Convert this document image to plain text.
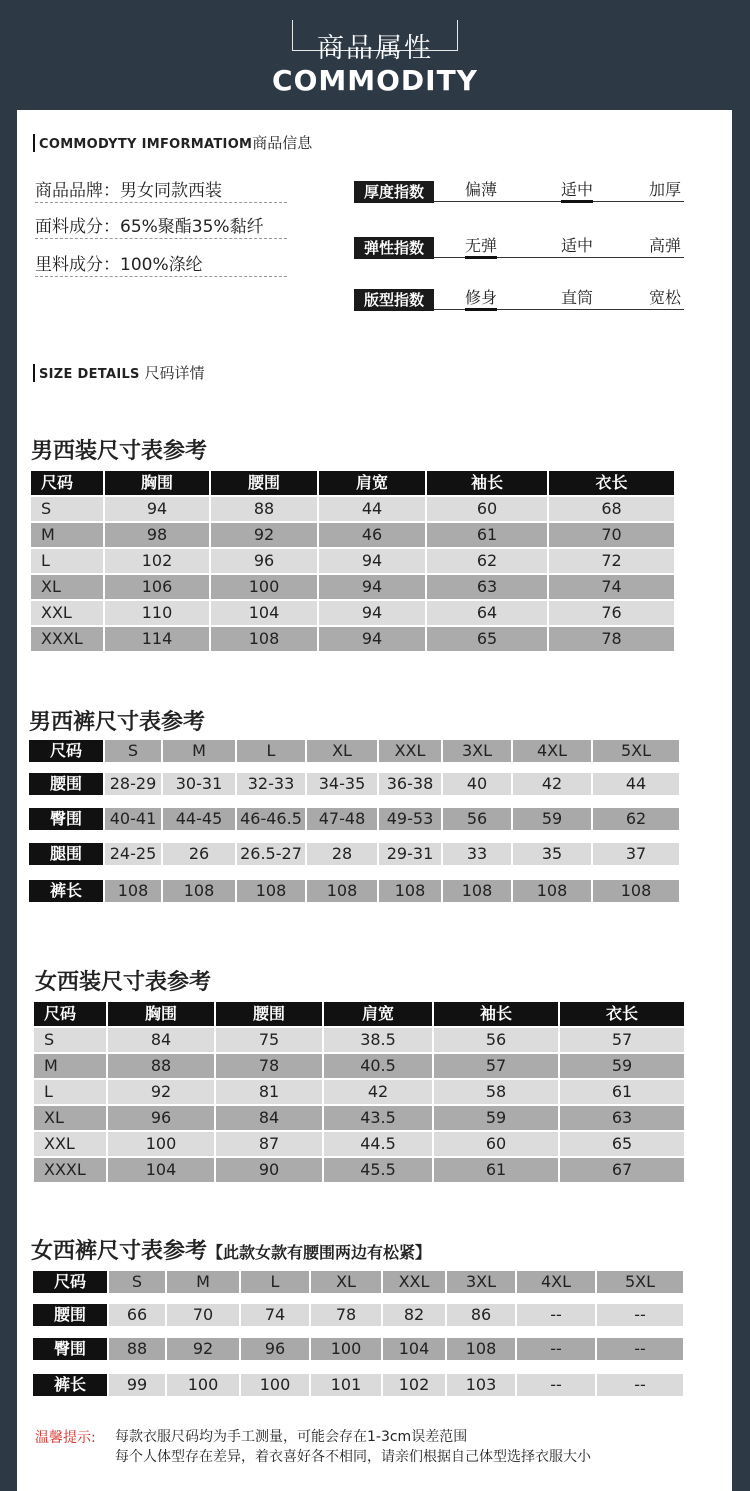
商品属性
COMMODITY
COMMODYTY IMFORMATIOM商品信息
商品品牌：男女同款西装
面料成分：65%聚酯35%黏纤
里料成分：100%涤纶
厚度指数	偏薄	适中	加厚
弹性指数	无弹	适中	高弹
版型指数	修身	直筒	宽松
SIZE DETAILS 尺码详情
男西装尺寸表参考
尺码	胸围	腰围	肩宽	袖长	衣长
S	94	88	44	60	68
M	98	92	46	61	70
L	102	96	94	62	72
XL	106	100	94	63	74
XXL	110	104	94	64	76
XXXL	114	108	94	65	78
男西裤尺寸表参考
尺码	S	M	L	XL	XXL	3XL	4XL	5XL
腰围	28-29	30-31	32-33	34-35	36-38	40	42	44
臀围	40-41	44-45	46-46.5	47-48	49-53	56	59	62
腿围	24-25	26	26.5-27	28	29-31	33	35	37
裤长	108	108	108	108	108	108	108	108
女西装尺寸表参考
尺码	胸围	腰围	肩宽	袖长	衣长
S	84	75	38.5	56	57
M	88	78	40.5	57	59
L	92	81	42	58	61
XL	96	84	43.5	59	63
XXL	100	87	44.5	60	65
XXXL	104	90	45.5	61	67
女西裤尺寸表参考【此款女款有腰围两边有松紧】
尺码	S	M	L	XL	XXL	3XL	4XL	5XL
腰围	66	70	74	78	82	86	--	--
臀围	88	92	96	100	104	108	--	--
裤长	99	100	100	101	102	103	--	--
温馨提示: 每款衣服尺码均为手工测量，可能会存在1-3cm误差范围
每个人体型存在差异，着衣喜好各不相同，请亲们根据自己体型选择衣服大小
